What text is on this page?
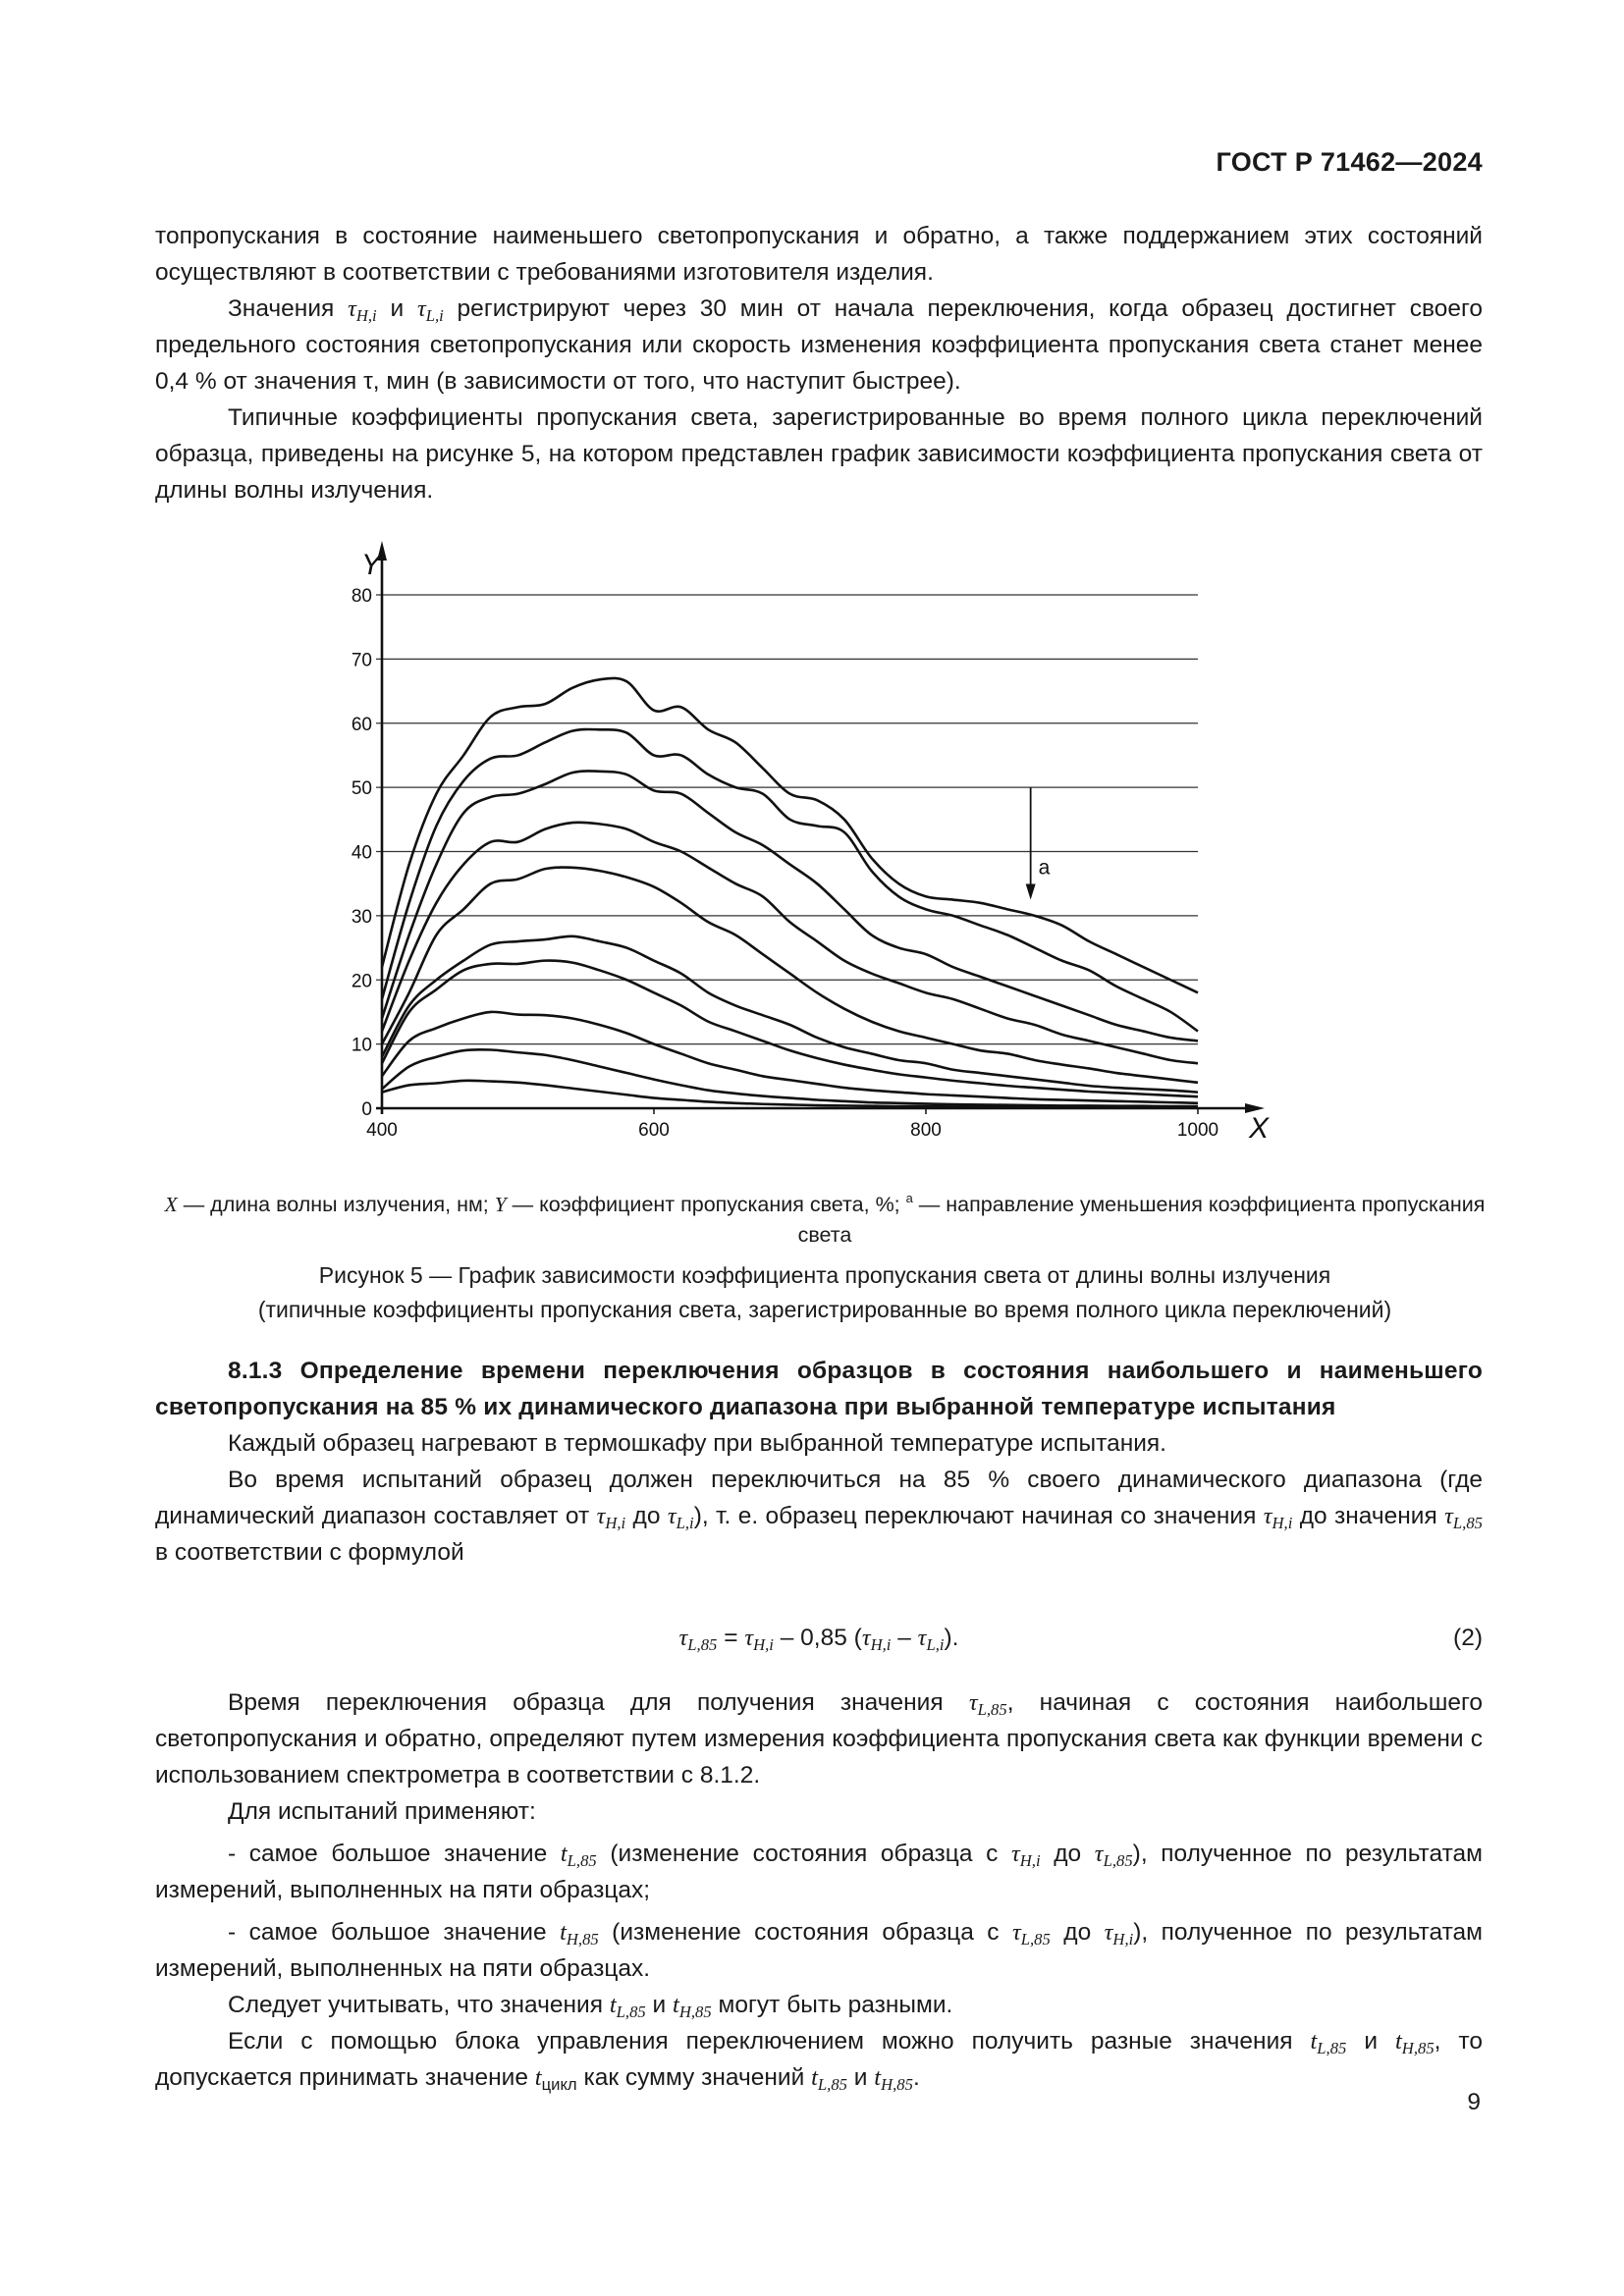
ГОСТ Р 71462—2024

топропускания в состояние наименьшего светопропускания и обратно, а также поддержанием этих состояний осуществляют в соответствии с требованиями изготовителя изделия.

Значения $\tau_{H,i}$ и $\tau_{L,i}$ регистрируют через 30 мин от начала переключения, когда образец достигнет своего предельного состояния светопропускания или скорость изменения коэффициента пропускания света станет менее 0,4 % от значения τ, мин (в зависимости от того, что наступит быстрее).

Типичные коэффициенты пропускания света, зарегистрированные во время полного цикла переключений образца, приведены на рисунке 5, на котором представлен график зависимости коэффициента пропускания света от длины волны излучения.

0
10
20
30
40
50
60
70
80
400	600	800	1000
Y
X
a
X — длина волны излучения, нм; Y — коэффициент пропускания света, %; $^a$ — направление уменьшения коэффициента пропускания света
Рисунок 5 — График зависимости коэффициента пропускания света от длины волны излучения
(типичные коэффициенты пропускания света, зарегистрированные во время полного цикла переключений)

8.1.3 Определение времени переключения образцов в состояния наибольшего и наименьшего светопропускания на 85 % их динамического диапазона при выбранной температуре испытания

Каждый образец нагревают в термошкафу при выбранной температуре испытания.

Во время испытаний образец должен переключиться на 85 % своего динамического диапазона (где динамический диапазон составляет от $\tau_{H,i}$ до $\tau_{L,i}$), т. е. образец переключают начиная со значения $\tau_{H,i}$ до значения $\tau_{L,85}$ в соответствии с формулой

$\tau_{L,85} = \tau_{H,i} - 0,85$ $(\tau_{H,i} - \tau_{L,i})$.	(2)

Время переключения образца для получения значения $\tau_{L,85}$, начиная с состояния наибольшего светопропускания и обратно, определяют путем измерения коэффициента пропускания света как функции времени с использованием спектрометра в соответствии с 8.1.2.

Для испытаний применяют:

- самое большое значение $t_{L,85}$ (изменение состояния образца с $\tau_{H,i}$ до $\tau_{L,85}$), полученное по результатам измерений, выполненных на пяти образцах;

- самое большое значение $t_{H,85}$ (изменение состояния образца с $\tau_{L,85}$ до $\tau_{H,i}$), полученное по результатам измерений, выполненных на пяти образцах.

Следует учитывать, что значения $t_{L,85}$ и $t_{H,85}$ могут быть разными.

Если с помощью блока управления переключением можно получить разные значения $t_{L,85}$ и $t_{H,85}$, то допускается принимать значение $t_{цикл}$ как сумму значений $t_{L,85}$ и $t_{H,85}$.

9
